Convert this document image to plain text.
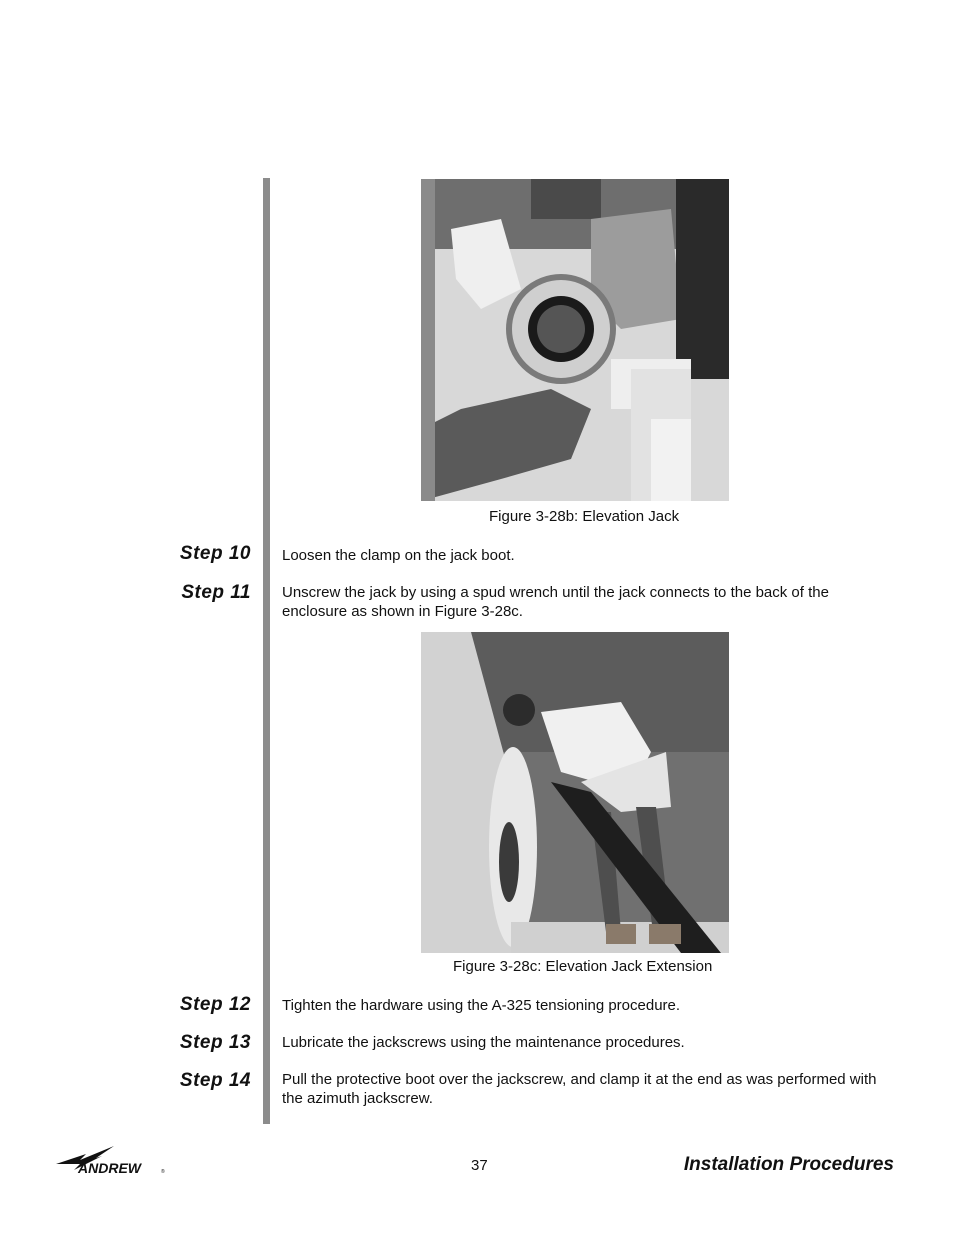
Figure 3-28b: Elevation Jack
Step 10 Loosen the clamp on the jack boot.
Step 11 Unscrew the jack by using a spud wrench until the jack connects to the back of the enclosure as shown in Figure 3-28c.
Figure 3-28c: Elevation Jack Extension
Step 12 Tighten the hardware using the A-325 tensioning procedure.
Step 13 Lubricate the jackscrews using the maintenance procedures.
Step 14 Pull the protective boot over the jackscrew, and clamp it at the end as was performed with the azimuth jackscrew.
ANDREW	®	37	Installation Procedures
